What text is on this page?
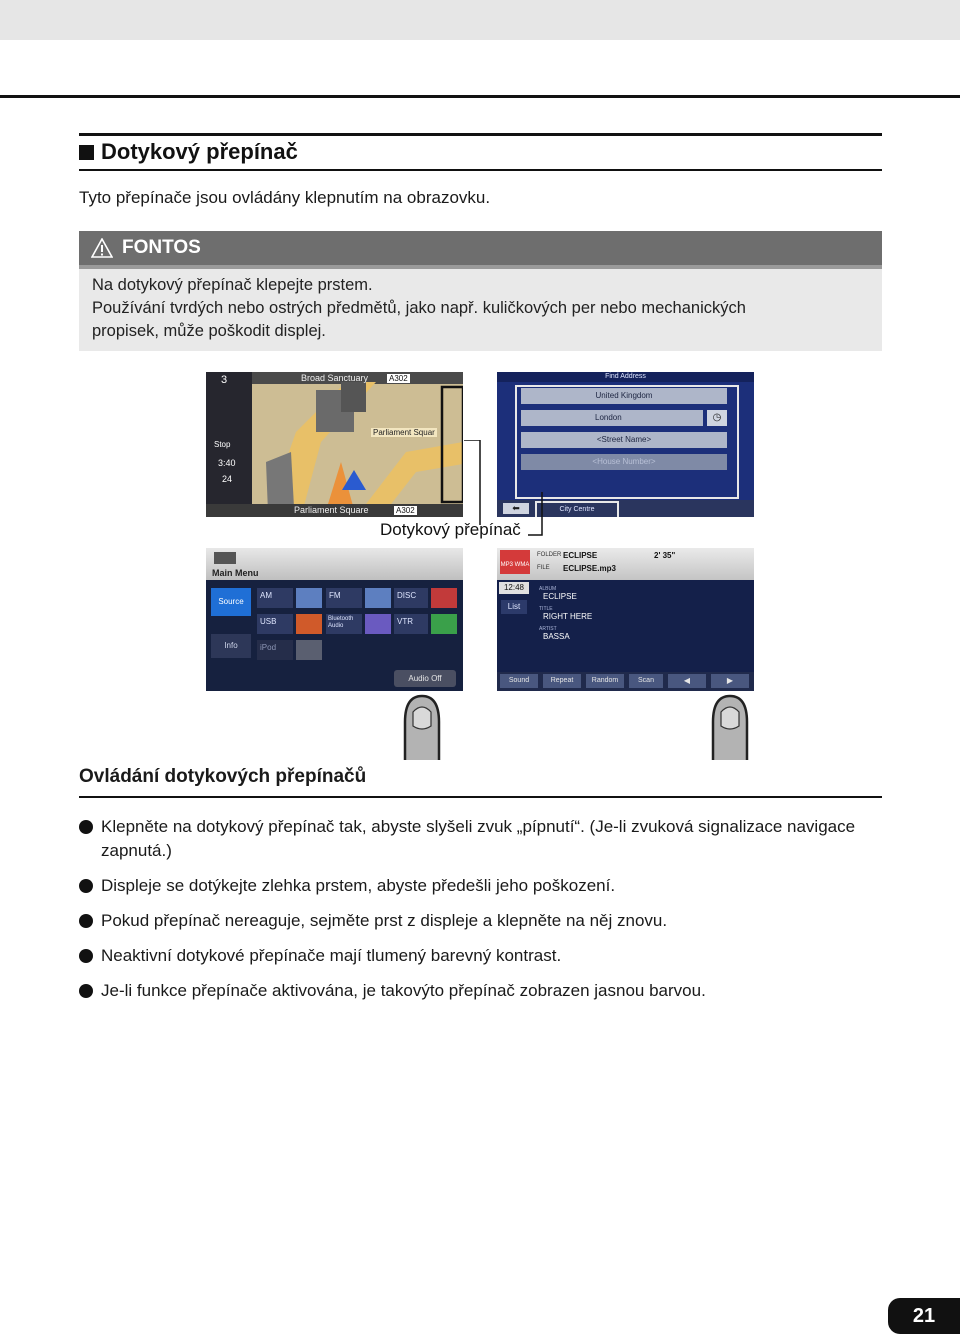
Dotykový přepínač
Tyto přepínače jsou ovládány klepnutím na obrazovku.
FONTOS

Na dotykový přepínač klepejte prstem.

Používání tvrdých nebo ostrých předmětů, jako např. kuličkových per nebo mechanických

propisek, může poškodit displej.

Broad Sanctuary	A302
3
Parliament Squar
Stop
3:40
24
Parliament Square	A302
Find Address
United Kingdom
London	◷
<Street Name>
<House Number>
⬅	City Centre
Dotykový přepínač
Main Menu
Source
Info
AM	FM	DISC
USB	Bluetooth Audio	VTR
iPod
Audio Off
MP3 WMA
FOLDER ECLIPSE
FILE ECLIPSE.mp3
2' 35"
12:48
List
ALBUM
ECLIPSE
TITLE
RIGHT HERE
ARTIST
BASSA
Sound	Repeat	Random	Scan	◀	▶
Ovládání dotykových přepínačů
Klepněte na dotykový přepínač tak, abyste slyšeli zvuk „pípnutí“. (Je-li zvuková signalizace navigace zapnutá.)
Displeje se dotýkejte zlehka prstem, abyste předešli jeho poškození.
Pokud přepínač nereaguje, sejměte prst z displeje a klepněte na něj znovu.
Neaktivní dotykové přepínače mají tlumený barevný kontrast.
Je-li funkce přepínače aktivována, je takovýto přepínač zobrazen jasnou barvou.
21
